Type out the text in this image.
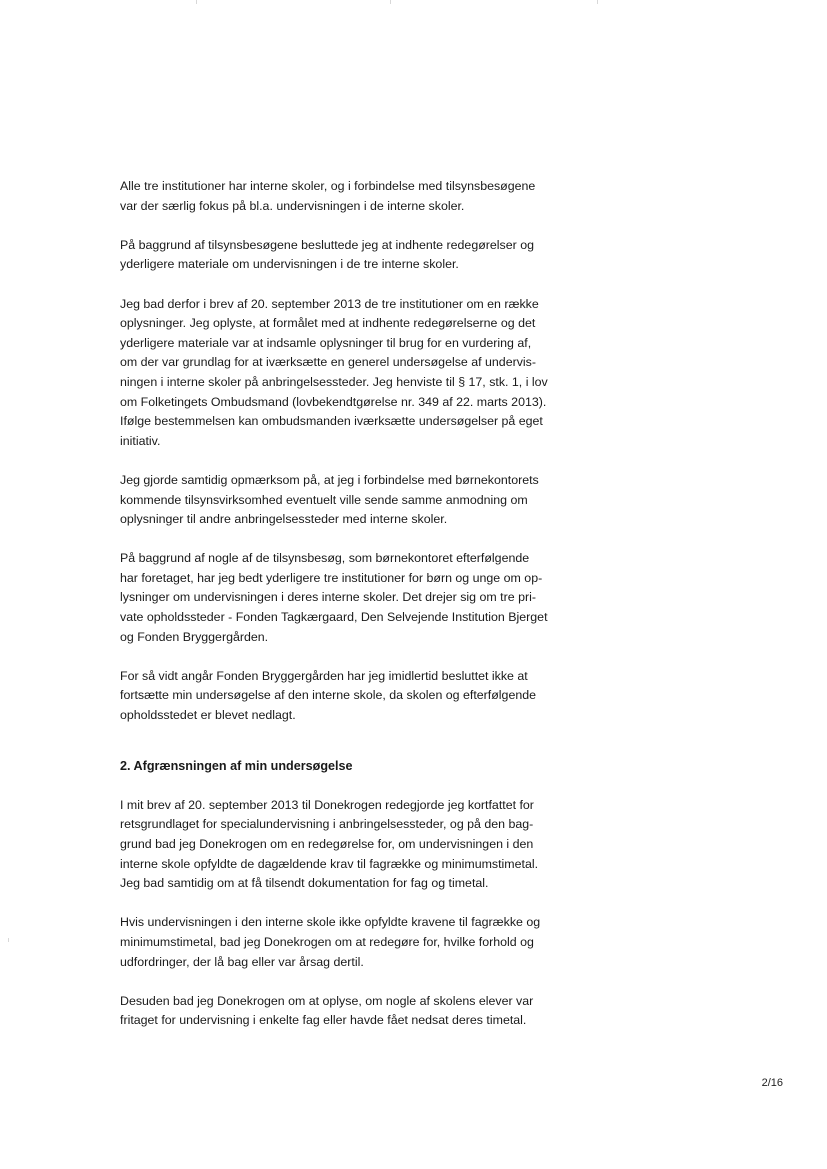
Alle tre institutioner har interne skoler, og i forbindelse med tilsynsbesøgene
var der særlig fokus på bl.a. undervisningen i de interne skoler.

På baggrund af tilsynsbesøgene besluttede jeg at indhente redegørelser og
yderligere materiale om undervisningen i de tre interne skoler.

Jeg bad derfor i brev af 20. september 2013 de tre institutioner om en række
oplysninger. Jeg oplyste, at formålet med at indhente redegørelserne og det
yderligere materiale var at indsamle oplysninger til brug for en vurdering af,
om der var grundlag for at iværksætte en generel undersøgelse af undervis-
ningen i interne skoler på anbringelsessteder. Jeg henviste til § 17, stk. 1, i lov
om Folketingets Ombudsmand (lovbekendtgørelse nr. 349 af 22. marts 2013).
Ifølge bestemmelsen kan ombudsmanden iværksætte undersøgelser på eget
initiativ.

Jeg gjorde samtidig opmærksom på, at jeg i forbindelse med børnekontorets
kommende tilsynsvirksomhed eventuelt ville sende samme anmodning om
oplysninger til andre anbringelsessteder med interne skoler.

På baggrund af nogle af de tilsynsbesøg, som børnekontoret efterfølgende
har foretaget, har jeg bedt yderligere tre institutioner for børn og unge om op-
lysninger om undervisningen i deres interne skoler. Det drejer sig om tre pri-
vate opholdssteder - Fonden Tagkærgaard, Den Selvejende Institution Bjerget
og Fonden Bryggergården.

For så vidt angår Fonden Bryggergården har jeg imidlertid besluttet ikke at
fortsætte min undersøgelse af den interne skole, da skolen og efterfølgende
opholdsstedet er blevet nedlagt.

2. Afgrænsningen af min undersøgelse

I mit brev af 20. september 2013 til Donekrogen redegjorde jeg kortfattet for
retsgrundlaget for specialundervisning i anbringelsessteder, og på den bag-
grund bad jeg Donekrogen om en redegørelse for, om undervisningen i den
interne skole opfyldte de dagældende krav til fagrække og minimumstimetal.
Jeg bad samtidig om at få tilsendt dokumentation for fag og timetal.

Hvis undervisningen i den interne skole ikke opfyldte kravene til fagrække og
minimumstimetal, bad jeg Donekrogen om at redegøre for, hvilke forhold og
udfordringer, der lå bag eller var årsag dertil.

Desuden bad jeg Donekrogen om at oplyse, om nogle af skolens elever var
fritaget for undervisning i enkelte fag eller havde fået nedsat deres timetal.

2/16
